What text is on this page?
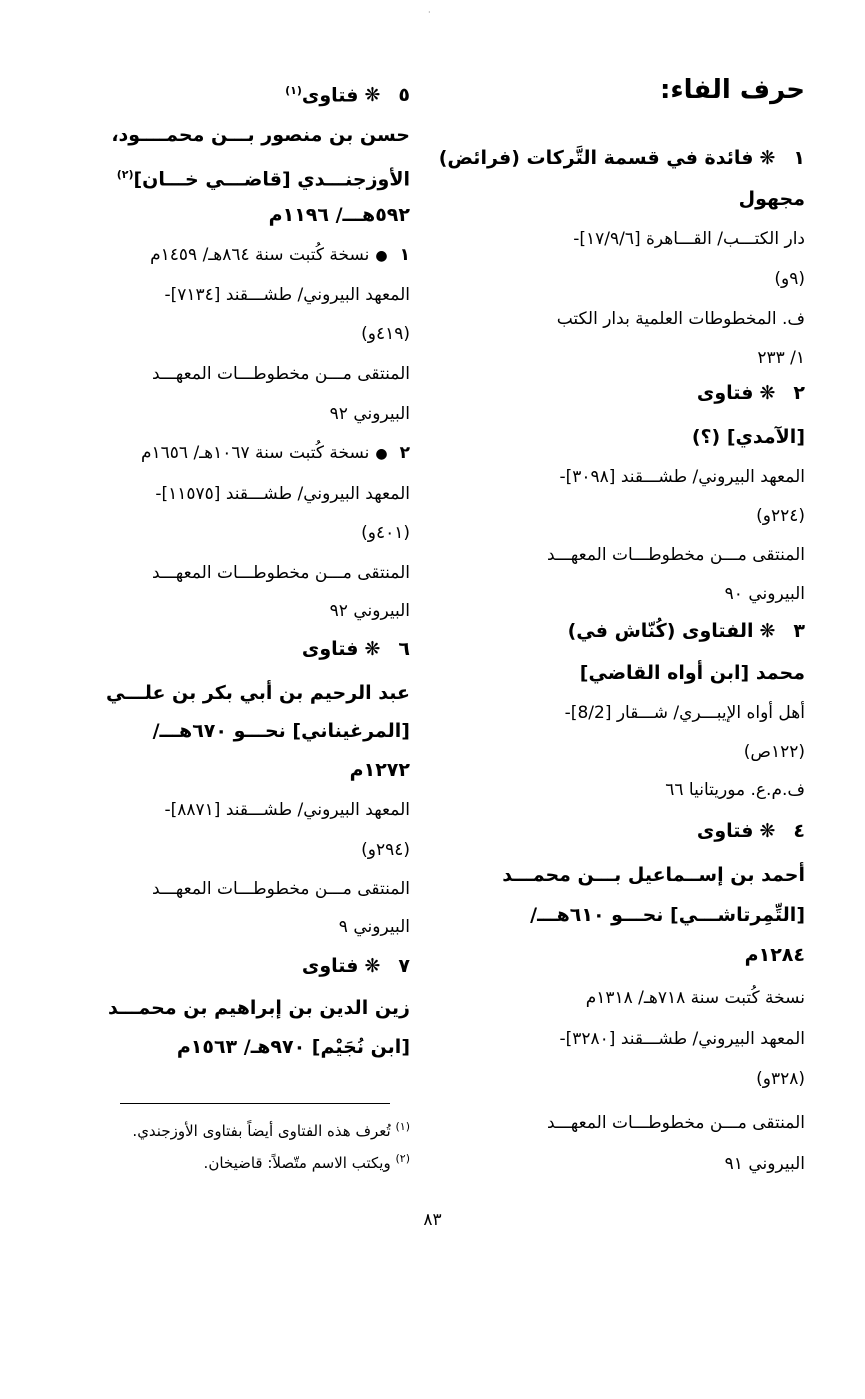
·
حرف الفاء:
١❋فائدة في قسمة التَّركات (فرائض)
مجهول
دار الكتـــب/ القـــاهرة [١٧/٩/٦]-
(٩و)
ف. المخطوطات العلمية بدار الكتب
١/ ٢٣٣
٢❋فتاوى
[الآمدي] (؟)
المعهد البيروني/ طشـــقند [٣٠٩٨]-
(٢٢٤و)
المنتقى مـــن مخطوطـــات المعهـــد
البيروني ٩٠
٣❋الفتاوى (كُنّاش في)
محمد [ابن أواه القاضي]
أهل أواه الإيبـــري/ شـــقار [8/2]-
(١٢٢ص)
ف.م.ع. موريتانيا ٦٦
٤❋فتاوى
أحمد بن إســماعيل بـــن محمـــد
[التِّمِرتاشـــي] نحـــو ٦١٠هـــ/
١٢٨٤م
نسخة كُتبت سنة ٧١٨هـ/ ١٣١٨م
المعهد البيروني/ طشـــقند [٣٢٨٠]-
(٣٢٨و)
المنتقى مـــن مخطوطـــات المعهـــد
البيروني ٩١
٥❋فتاوى$^{(١)}$
حسن بن منصور بـــن محمــــود،
الأوزجنـــدي [قاضـــي خـــان]$^{(٢)}$
٥٩٢هـــ/ ١١٩٦م
١●نسخة كُتبت سنة ٨٦٤هـ/ ١٤٥٩م
المعهد البيروني/ طشـــقند [٧١٣٤]-
(٤١٩و)
المنتقى مـــن مخطوطـــات المعهـــد
البيروني ٩٢
٢●نسخة كُتبت سنة ١٠٦٧هـ/ ١٦٥٦م
المعهد البيروني/ طشـــقند [١١٥٧٥]-
(٤٠١و)
المنتقى مـــن مخطوطـــات المعهـــد
البيروني ٩٢
٦❋فتاوى
عبد الرحيم بن أبي بكر بن علـــي
[المرغيناني] نحـــو ٦٧٠هـــ/
١٢٧٢م
المعهد البيروني/ طشـــقند [٨٨٧١]-
(٢٩٤و)
المنتقى مـــن مخطوطـــات المعهـــد
البيروني ٩
٧❋فتاوى
زين الدين بن إبراهيم بن محمـــد
[ابن نُجَيْم] ٩٧٠هـ/ ١٥٦٣م
$^{(١)}$ تُعرف هذه الفتاوى أيضاً بفتاوى الأوزجندي.
$^{(٢)}$ ويكتب الاسم متّصلاً: قاضيخان.
٨٣
